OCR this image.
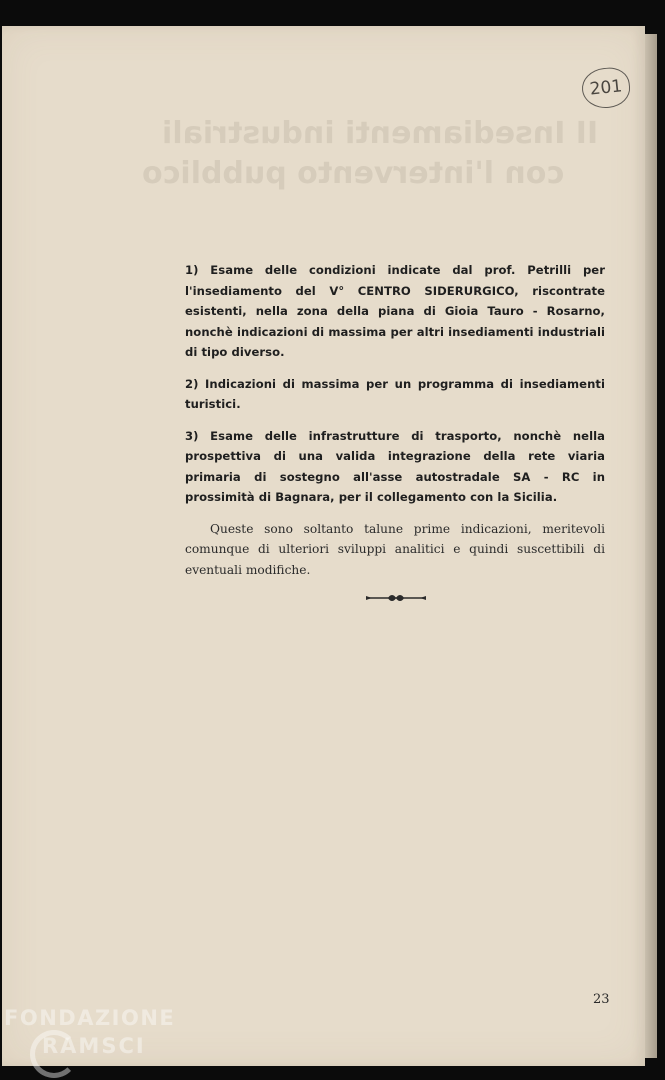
II Insediamenti industriali
con l'intervento pubblico
201

1) Esame delle condizioni indicate dal prof. Petrilli per l'insediamento del V° CENTRO SIDERURGICO, riscontrate esistenti, nella zona della piana di Gioia Tauro - Rosarno, nonchè indicazioni di massima per altri insediamenti industriali di tipo diverso.

2) Indicazioni di massima per un programma di insediamenti turistici.

3) Esame delle infrastrutture di trasporto, nonchè nella prospettiva di una valida integrazione della rete viaria primaria di sostegno all'asse autostradale SA - RC in prossimità di Bagnara, per il collegamento con la Sicilia.

Queste sono soltanto talune prime indicazioni, meritevoli comunque di ulteriori sviluppi analitici e quindi suscettibili di eventuali modifiche.

23
FONDAZIONE
RAMSCI
